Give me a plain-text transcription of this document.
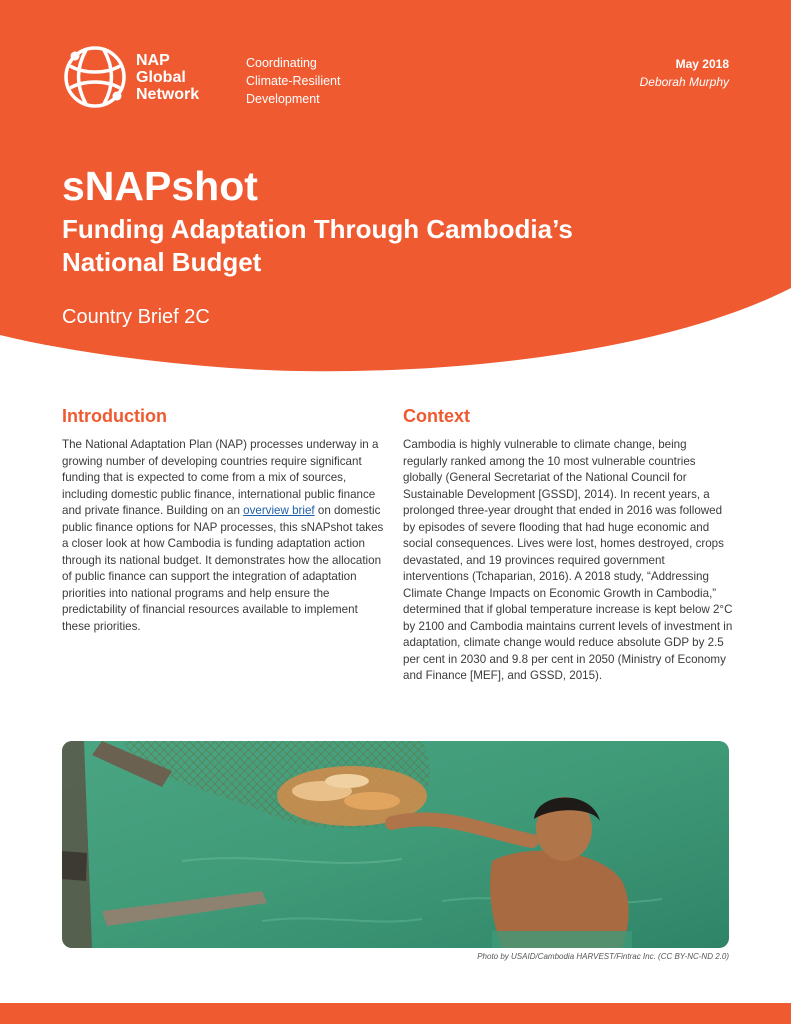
NAP
Global
Network
Coordinating
Climate-Resilient
Development
May 2018
Deborah Murphy
sNAPshot
Funding Adaptation Through Cambodia’s National Budget
Country Brief 2C
Introduction

The National Adaptation Plan (NAP) processes underway in a growing number of developing countries require significant funding that is expected to come from a mix of sources, including domestic public finance, international public finance and private finance. Building on an overview brief on domestic public finance options for NAP processes, this sNAPshot takes a closer look at how Cambodia is funding adaptation action through its national budget. It demonstrates how the allocation of public finance can support the integration of adaptation priorities into national programs and help ensure the predictability of financial resources available to implement these priorities.

Context

Cambodia is highly vulnerable to climate change, being regularly ranked among the 10 most vulnerable countries globally (General Secretariat of the National Council for Sustainable Development [GSSD], 2014). In recent years, a prolonged three-year drought that ended in 2016 was followed by episodes of severe flooding that had huge economic and social consequences. Lives were lost, homes destroyed, crops devastated, and 19 provinces required government interventions (Tchaparian, 2016). A 2018 study, “Addressing Climate Change Impacts on Economic Growth in Cambodia,” determined that if global temperature increase is kept below 2°C by 2100 and Cambodia maintains current levels of investment in adaptation, climate change would reduce absolute GDP by 2.5 per cent in 2030 and 9.8 per cent in 2050 (Ministry of Economy and Finance [MEF], and GSSD, 2015).

Photo by USAID/Cambodia HARVEST/Fintrac Inc. (CC BY-NC-ND 2.0)
